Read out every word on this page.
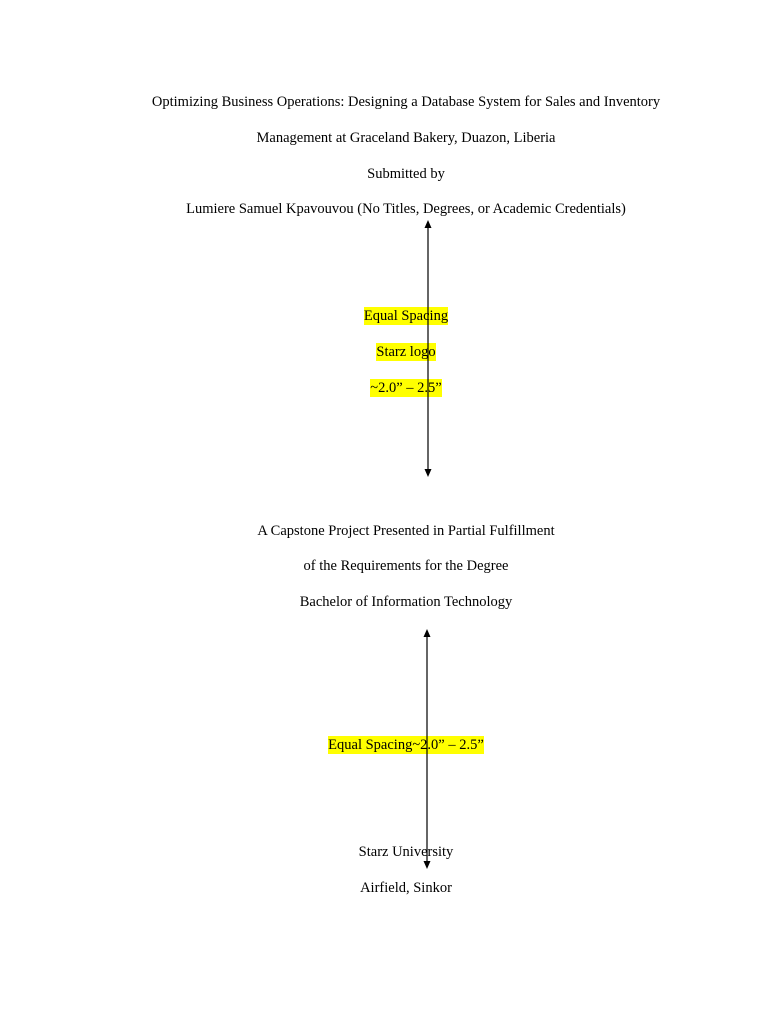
Optimizing Business Operations: Designing a Database System for Sales and Inventory
Management at Graceland Bakery, Duazon, Liberia
Submitted by
Lumiere Samuel Kpavouvou (No Titles, Degrees, or Academic Credentials)
Equal Spacing
Starz logo
~2.0” – 2.5”
A Capstone Project Presented in Partial Fulfillment
of the Requirements for the Degree
Bachelor of Information Technology
Equal Spacing~2.0” – 2.5”
Starz University
Airfield, Sinkor
